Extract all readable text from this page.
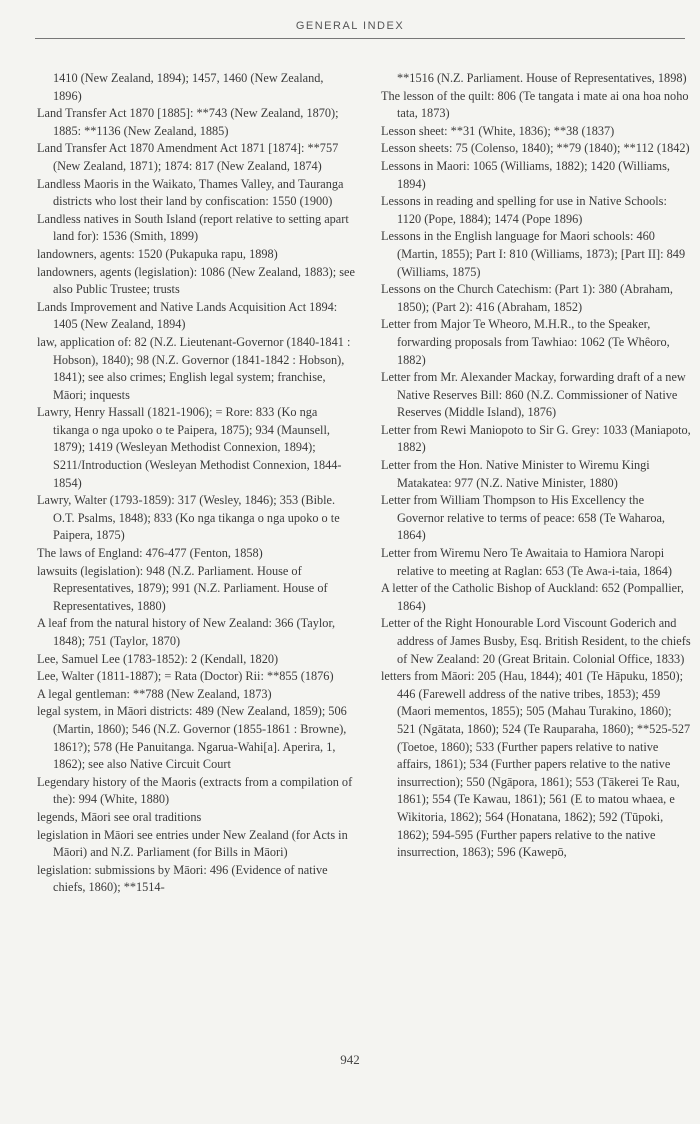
GENERAL INDEX

1410 (New Zealand, 1894); 1457, 1460 (New Zealand, 1896)

Land Transfer Act 1870 [1885]: **743 (New Zealand, 1870); 1885: **1136 (New Zealand, 1885)

Land Transfer Act 1870 Amendment Act 1871 [1874]: **757 (New Zealand, 1871); 1874: 817 (New Zealand, 1874)

Landless Maoris in the Waikato, Thames Valley, and Tauranga districts who lost their land by confiscation: 1550 (1900)

Landless natives in South Island (report relative to setting apart land for): 1536 (Smith, 1899)

landowners, agents: 1520 (Pukapuka rapu, 1898)

landowners, agents (legislation): 1086 (New Zealand, 1883); see also Public Trustee; trusts

Lands Improvement and Native Lands Acquisition Act 1894: 1405 (New Zealand, 1894)

law, application of: 82 (N.Z. Lieutenant-Governor (1840-1841 : Hobson), 1840); 98 (N.Z. Governor (1841-1842 : Hobson), 1841); see also crimes; English legal system; franchise, Māori; inquests

Lawry, Henry Hassall (1821-1906); = Rore: 833 (Ko nga tikanga o nga upoko o te Paipera, 1875); 934 (Maunsell, 1879); 1419 (Wesleyan Methodist Connexion, 1894); S211/Introduction (Wesleyan Methodist Connexion, 1844-1854)

Lawry, Walter (1793-1859): 317 (Wesley, 1846); 353 (Bible. O.T. Psalms, 1848); 833 (Ko nga tikanga o nga upoko o te Paipera, 1875)

The laws of England: 476-477 (Fenton, 1858)

lawsuits (legislation): 948 (N.Z. Parliament. House of Representatives, 1879); 991 (N.Z. Parliament. House of Representatives, 1880)

A leaf from the natural history of New Zealand: 366 (Taylor, 1848); 751 (Taylor, 1870)

Lee, Samuel Lee (1783-1852): 2 (Kendall, 1820)

Lee, Walter (1811-1887); = Rata (Doctor) Rii: **855 (1876)

A legal gentleman: **788 (New Zealand, 1873)

legal system, in Māori districts: 489 (New Zealand, 1859); 506 (Martin, 1860); 546 (N.Z. Governor (1855-1861 : Browne), 1861?); 578 (He Panuitanga. Ngarua-Wahi[a]. Aperira, 1, 1862); see also Native Circuit Court

Legendary history of the Maoris (extracts from a compilation of the): 994 (White, 1880)

legends, Māori see oral traditions

legislation in Māori see entries under New Zealand (for Acts in Māori) and N.Z. Parliament (for Bills in Māori)

legislation: submissions by Māori: 496 (Evidence of native chiefs, 1860); **1514-

**1516 (N.Z. Parliament. House of Representatives, 1898)

The lesson of the quilt: 806 (Te tangata i mate ai ona hoa noho tata, 1873)

Lesson sheet: **31 (White, 1836); **38 (1837)

Lesson sheets: 75 (Colenso, 1840); **79 (1840); **112 (1842)

Lessons in Maori: 1065 (Williams, 1882); 1420 (Williams, 1894)

Lessons in reading and spelling for use in Native Schools: 1120 (Pope, 1884); 1474 (Pope 1896)

Lessons in the English language for Maori schools: 460 (Martin, 1855); Part I: 810 (Williams, 1873); [Part II]: 849 (Williams, 1875)

Lessons on the Church Catechism: (Part 1): 380 (Abraham, 1850); (Part 2): 416 (Abraham, 1852)

Letter from Major Te Wheoro, M.H.R., to the Speaker, forwarding proposals from Tawhiao: 1062 (Te Whêoro, 1882)

Letter from Mr. Alexander Mackay, forwarding draft of a new Native Reserves Bill: 860 (N.Z. Commissioner of Native Reserves (Middle Island), 1876)

Letter from Rewi Maniopoto to Sir G. Grey: 1033 (Maniapoto, 1882)

Letter from the Hon. Native Minister to Wiremu Kingi Matakatea: 977 (N.Z. Native Minister, 1880)

Letter from William Thompson to His Excellency the Governor relative to terms of peace: 658 (Te Waharoa, 1864)

Letter from Wiremu Nero Te Awaitaia to Hamiora Naropi relative to meeting at Raglan: 653 (Te Awa-i-taia, 1864)

A letter of the Catholic Bishop of Auckland: 652 (Pompallier, 1864)

Letter of the Right Honourable Lord Viscount Goderich and address of James Busby, Esq. British Resident, to the chiefs of New Zealand: 20 (Great Britain. Colonial Office, 1833)

letters from Māori: 205 (Hau, 1844); 401 (Te Hāpuku, 1850); 446 (Farewell address of the native tribes, 1853); 459 (Maori mementos, 1855); 505 (Mahau Turakino, 1860); 521 (Ngātata, 1860); 524 (Te Rauparaha, 1860); **525-527 (Toetoe, 1860); 533 (Further papers relative to native affairs, 1861); 534 (Further papers relative to the native insurrection); 550 (Ngāpora, 1861); 553 (Tākerei Te Rau, 1861); 554 (Te Kawau, 1861); 561 (E to matou whaea, e Wikitoria, 1862); 564 (Honatana, 1862); 592 (Tūpoki, 1862); 594-595 (Further papers relative to the native insurrection, 1863); 596 (Kawepō,

942
